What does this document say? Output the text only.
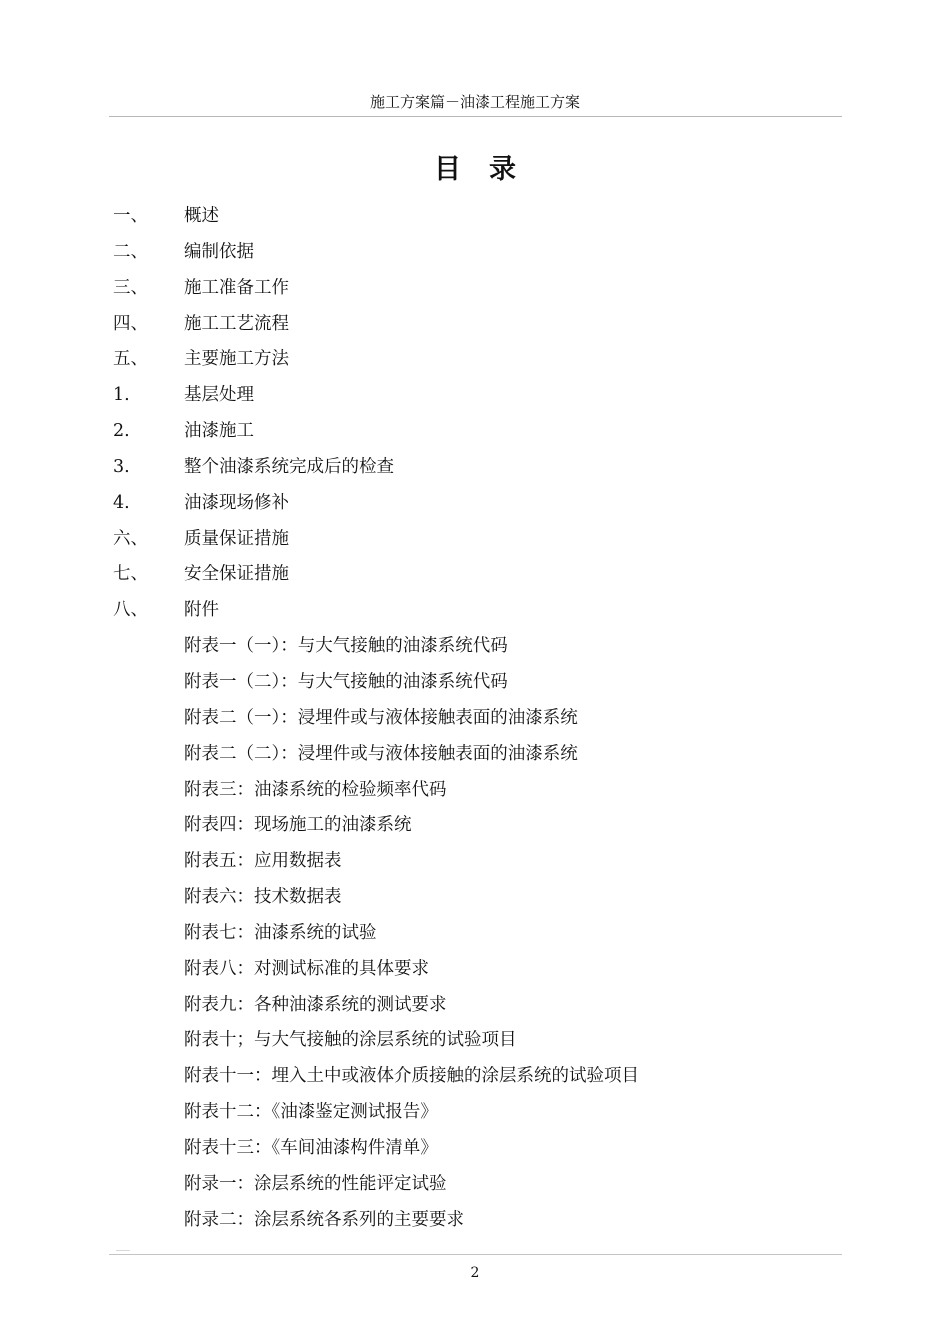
施工方案篇－油漆工程施工方案
目录
一、 概述
二、 编制依据
三、 施工准备工作
四、 施工工艺流程
五、 主要施工方法
1.	基层处理
2.	油漆施工
3.	整个油漆系统完成后的检查
4.	油漆现场修补
六、 质量保证措施
七、 安全保证措施
八、 附件
附表一（一）：与大气接触的油漆系统代码
附表一（二）：与大气接触的油漆系统代码
附表二（一）：浸埋件或与液体接触表面的油漆系统
附表二（二）：浸埋件或与液体接触表面的油漆系统
附表三：油漆系统的检验频率代码
附表四：现场施工的油漆系统
附表五：应用数据表
附表六：技术数据表
附表七：油漆系统的试验
附表八：对测试标准的具体要求
附表九：各种油漆系统的测试要求
附表十；与大气接触的涂层系统的试验项目
附表十一：埋入土中或液体介质接触的涂层系统的试验项目
附表十二：《油漆鉴定测试报告》
附表十三：《车间油漆构件清单》
附录一：涂层系统的性能评定试验
附录二：涂层系统各系列的主要要求
2
